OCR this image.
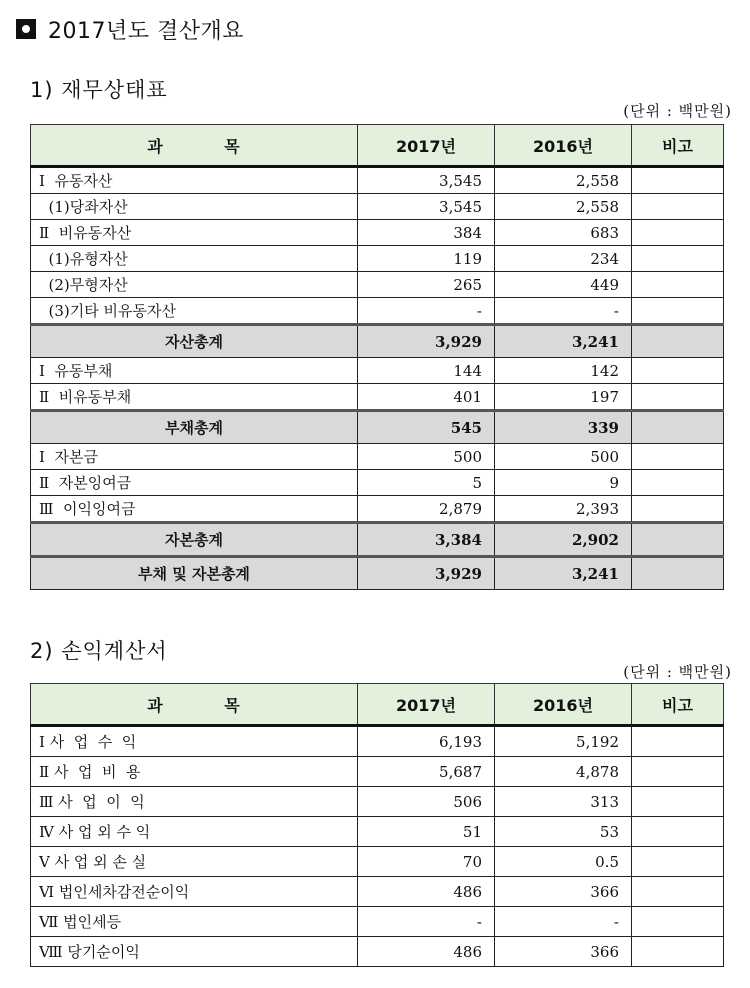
2017년도 결산개요
1) 재무상태표
(단위 : 백만원)
과 목	2017년	2016년	비고
Ⅰ  유동자산	3,545	2,558	
(1)당좌자산	3,545	2,558	
Ⅱ  비유동자산	384	683	
(1)유형자산	119	234	
(2)무형자산	265	449	
(3)기타 비유동자산	-	-	
자산총계	3,929	3,241	
Ⅰ  유동부채	144	142	
Ⅱ  비유동부채	401	197	
부채총계	545	339	
Ⅰ  자본금	500	500	
Ⅱ  자본잉여금	5	9	
Ⅲ  이익잉여금	2,879	2,393	
자본총계	3,384	2,902	
부채 및 자본총계	3,929	3,241	
2) 손익계산서
(단위 : 백만원)
과 목	2017년	2016년	비고
Ⅰ 사  업  수  익	6,193	5,192	
Ⅱ 사  업  비  용	5,687	4,878	
Ⅲ 사  업  이  익	506	313	
Ⅳ 사 업 외 수 익	51	53	
Ⅴ 사 업 외 손 실	70	0.5	
Ⅵ 법인세차감전순이익	486	366	
Ⅶ 법인세등	-	-	
Ⅷ 당기순이익	486	366	
